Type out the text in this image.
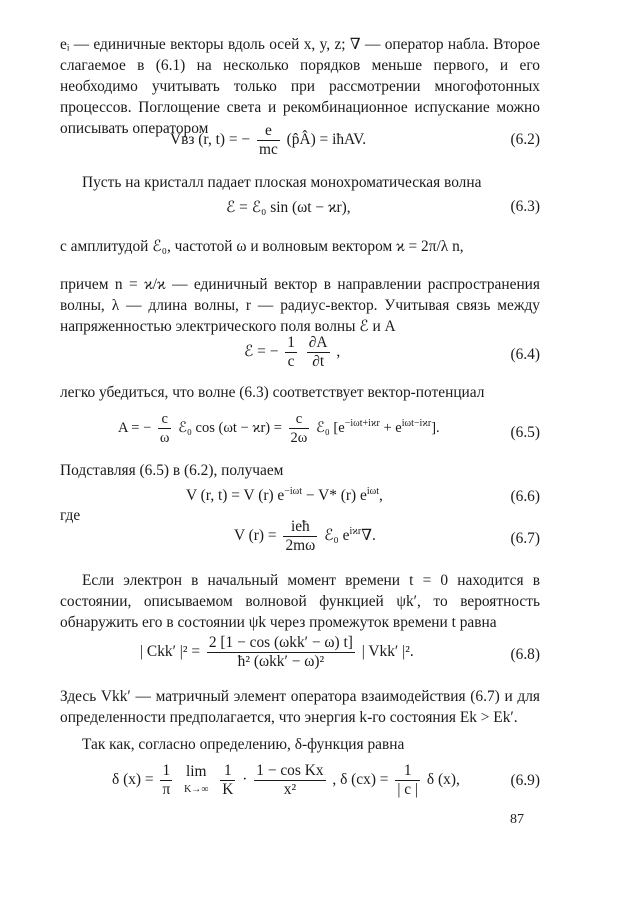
eᵢ — единичные векторы вдоль осей x, y, z; ∇ — оператор набла. Второе слагаемое в (6.1) на несколько порядков меньше первого, и его необходимо учитывать только при рассмотрении многофотонных процессов. Поглощение света и рекомбинационное испускание можно описывать оператором

Vвз (r, t) = − $\frac{e}{mc}$ (p̂Â) = iħAV.	(6.2)

Пусть на кристалл падает плоская монохроматическая волна

ℰ = ℰ₀ sin (ωt − ϰr),	(6.3)

с амплитудой ℰ₀, частотой ω и волновым вектором ϰ = 2π/λ n,

причем n = ϰ/ϰ — единичный вектор в направлении распространения волны, λ — длина волны, r — радиус-вектор. Учитывая связь между напряженностью электрического поля волны ℰ и A

ℰ = − $\frac{1}{c}$
$\frac{\partial A}{\partial t}$ ,	(6.4)

легко убедиться, что волне (6.3) соответствует вектор-потенциал

A = − $\frac{c}{\omega}$ ℰ₀ $\cos (\omega t - ϰr) = \frac{c}{2\omega}$ ℰ₀ $[e^{-i\omega t+iϰr} + e^{i\omega t-iϰr}]$.	(6.5)

Подставляя (6.5) в (6.2), получаем

V (r, t) = V (r) $e^{-i\omega t} - V*$ (r) $e^{i\omega t}$,	(6.6)

где

V $(r) = \frac{\text{ieħ}}{2m\omega}$ ℰ₀ $e^{iϰr}\nabla$.	(6.7)

Если электрон в начальный момент времени t = 0 находится в состоянии, описываемом волновой функцией ψk′, то вероятность обнаружить его в состоянии ψk через промежуток времени t равна

| Ckk′ $|^2 = \frac{\text{2 [1 − cos (ωkk′ − ω) t]}}{\text{ħ² (ωkk′ − ω)²}}$ | Vkk′ |².	(6.8)

Здесь Vkk′ — матричный элемент оператора взаимодействия (6.7) и для определенности предполагается, что энергия k-го состояния Ek > Ek′.

Так как, согласно определению, δ-функция равна

δ $(x) = \frac{1}{\pi}$
lim
K→∞
$\frac{1}{K} \cdot \frac{\text{1 − cos Kx}}{\text{x²}}$ , δ $(cx) = \frac{1}{| c |}$ δ (x),	(6.9)
87
